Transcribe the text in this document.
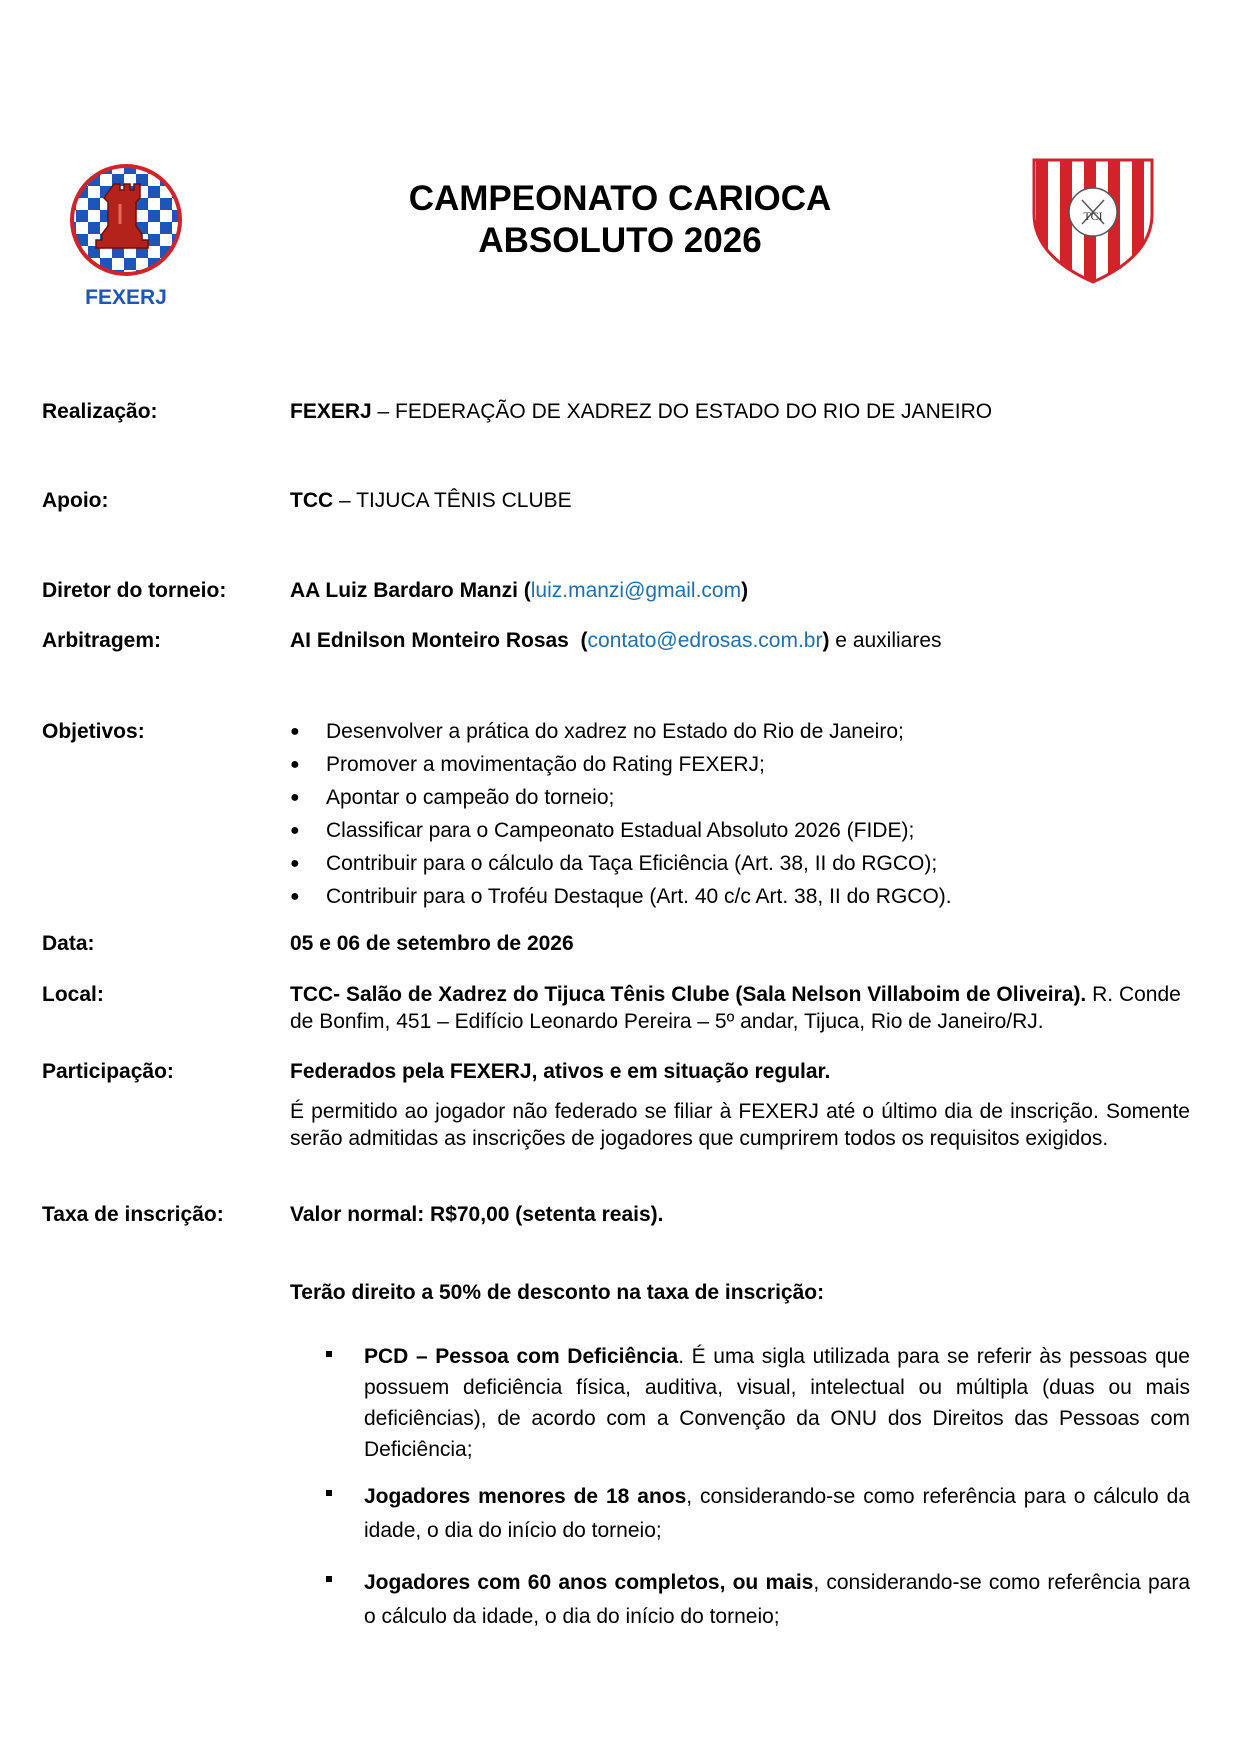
FEXERJ
CAMPEONATO CARIOCA
ABSOLUTO 2026
TCI
Realização:	FEXERJ – FEDERAÇÃO DE XADREZ DO ESTADO DO RIO DE JANEIRO
Apoio:	TCC – TIJUCA TÊNIS CLUBE
Diretor do torneio:	AA Luiz Bardaro Manzi (luiz.manzi@gmail.com)
Arbitragem:	AI Ednilson Monteiro Rosas  (contato@edrosas.com.br) e auxiliares
Objetivos:	● Desenvolver a prática do xadrez no Estado do Rio de Janeiro;
● Promover a movimentação do Rating FEXERJ;
● Apontar o campeão do torneio;
● Classificar para o Campeonato Estadual Absoluto 2026 (FIDE);
● Contribuir para o cálculo da Taça Eficiência (Art. 38, II do RGCO);
● Contribuir para o Troféu Destaque (Art. 40 c/c Art. 38, II do RGCO).
Data:	05 e 06 de setembro de 2026
Local:	TCC- Salão de Xadrez do Tijuca Tênis Clube (Sala Nelson Villaboim de Oliveira). R. Conde de Bonfim, 451 – Edifício Leonardo Pereira – 5º andar, Tijuca, Rio de Janeiro/RJ.
Participação:	Federados pela FEXERJ, ativos e em situação regular.
É permitido ao jogador não federado se filiar à FEXERJ até o último dia de inscrição. Somente serão admitidas as inscrições de jogadores que cumprirem todos os requisitos exigidos.
Taxa de inscrição:	Valor normal: R$70,00 (setenta reais).
Terão direito a 50% de desconto na taxa de inscrição:
PCD – Pessoa com Deficiência. É uma sigla utilizada para se referir às pessoas que possuem deficiência física, auditiva, visual, intelectual ou múltipla (duas ou mais deficiências), de acordo com a Convenção da ONU dos Direitos das Pessoas com Deficiência;
Jogadores menores de 18 anos, considerando-se como referência para o cálculo da idade, o dia do início do torneio;
Jogadores com 60 anos completos, ou mais, considerando-se como referência para o cálculo da idade, o dia do início do torneio;
